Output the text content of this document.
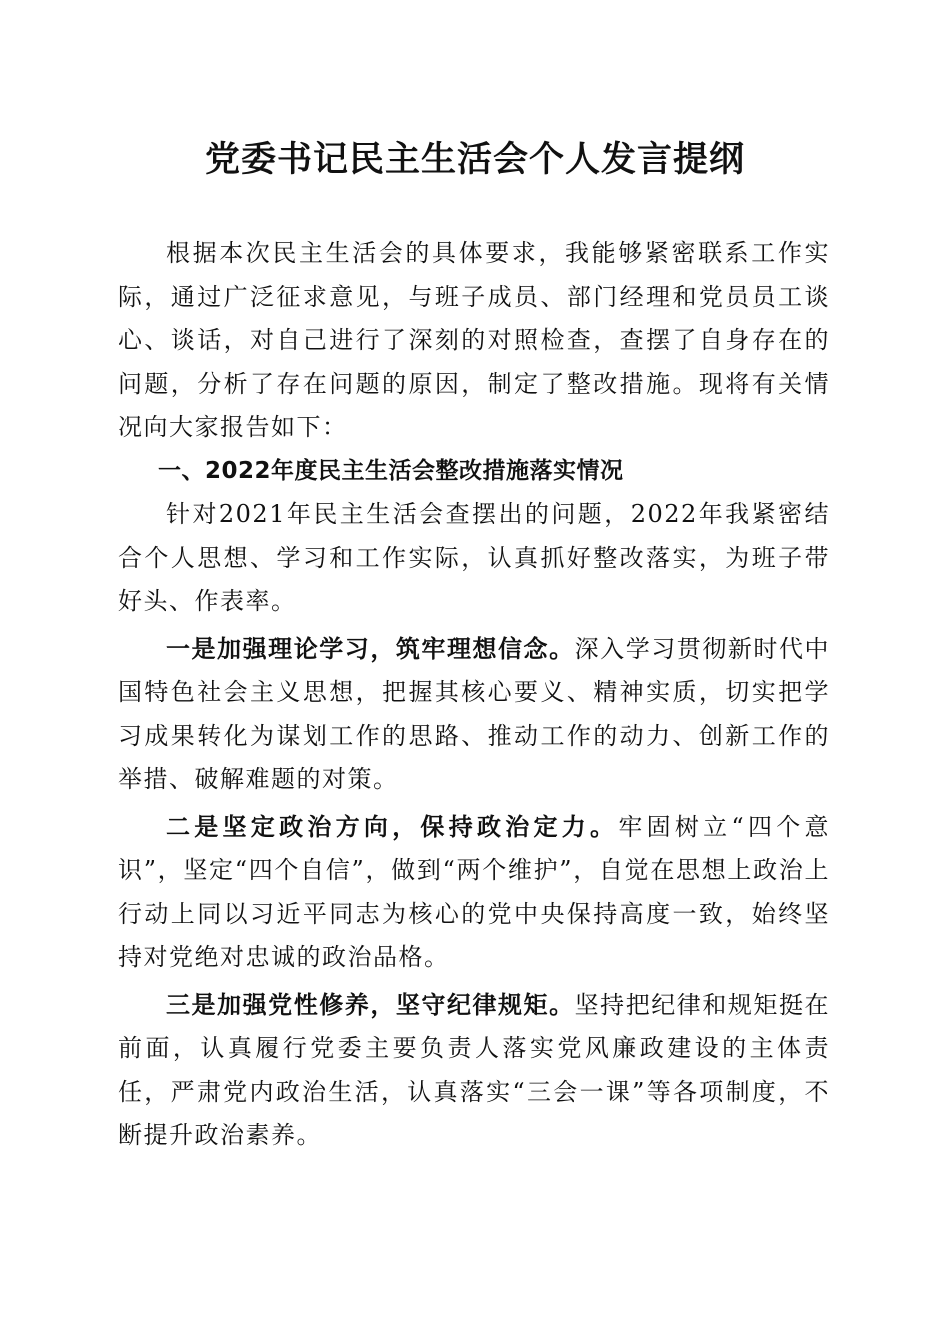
党委书记民主生活会个人发言提纲

根据本次民主生活会的具体要求，我能够紧密联系工作实际，通过广泛征求意见，与班子成员、部门经理和党员员工谈心、谈话，对自己进行了深刻的对照检查，查摆了自身存在的问题，分析了存在问题的原因，制定了整改措施。现将有关情况向大家报告如下：

一、2022年度民主生活会整改措施落实情况

针对2021年民主生活会查摆出的问题，2022年我紧密结合个人思想、学习和工作实际，认真抓好整改落实，为班子带好头、作表率。

一是加强理论学习，筑牢理想信念。深入学习贯彻新时代中国特色社会主义思想，把握其核心要义、精神实质，切实把学习成果转化为谋划工作的思路、推动工作的动力、创新工作的举措、破解难题的对策。

二是坚定政治方向，保持政治定力。牢固树立“四个意识”，坚定“四个自信”，做到“两个维护”，自觉在思想上政治上行动上同以习近平同志为核心的党中央保持高度一致，始终坚持对党绝对忠诚的政治品格。

三是加强党性修养，坚守纪律规矩。坚持把纪律和规矩挺在前面，认真履行党委主要负责人落实党风廉政建设的主体责任，严肃党内政治生活，认真落实“三会一课”等各项制度，不断提升政治素养。
